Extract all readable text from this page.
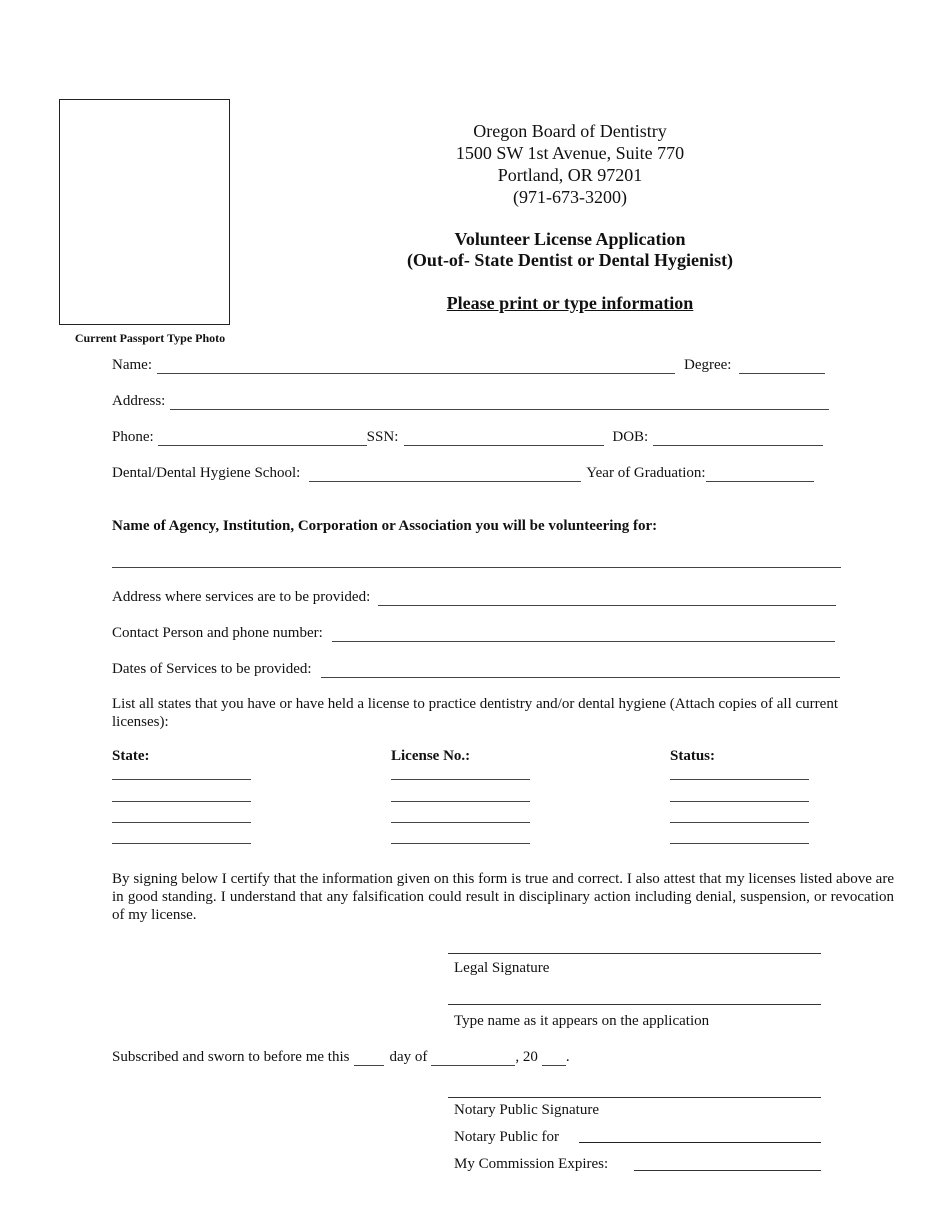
Current Passport Type Photo
Oregon Board of Dentistry
1500 SW 1st Avenue, Suite 770
Portland, OR 97201
(971-673-3200)
Volunteer License Application
(Out-of- State Dentist or Dental Hygienist)
Please print or type information
Name:	Degree:
Address:
Phone:	SSN:	DOB:
Dental/Dental Hygiene School:	Year of Graduation:
Name of Agency, Institution, Corporation or Association you will be volunteering for:
Address where services are to be provided:
Contact Person and phone number:
Dates of Services to be provided:
List all states that you have or have held a license to practice dentistry and/or dental hygiene (Attach copies of all current licenses):
State:	License No.:	Status:
By signing below I certify that the information given on this form is true and correct. I also attest that my licenses listed above are in good standing. I understand that any falsification could result in disciplinary action including denial, suspension, or revocation of my license.
Legal Signature
Type name as it appears on the application
Subscribed and sworn to before me this	day of	, 20 .
Notary Public Signature
Notary Public for
My Commission Expires:
